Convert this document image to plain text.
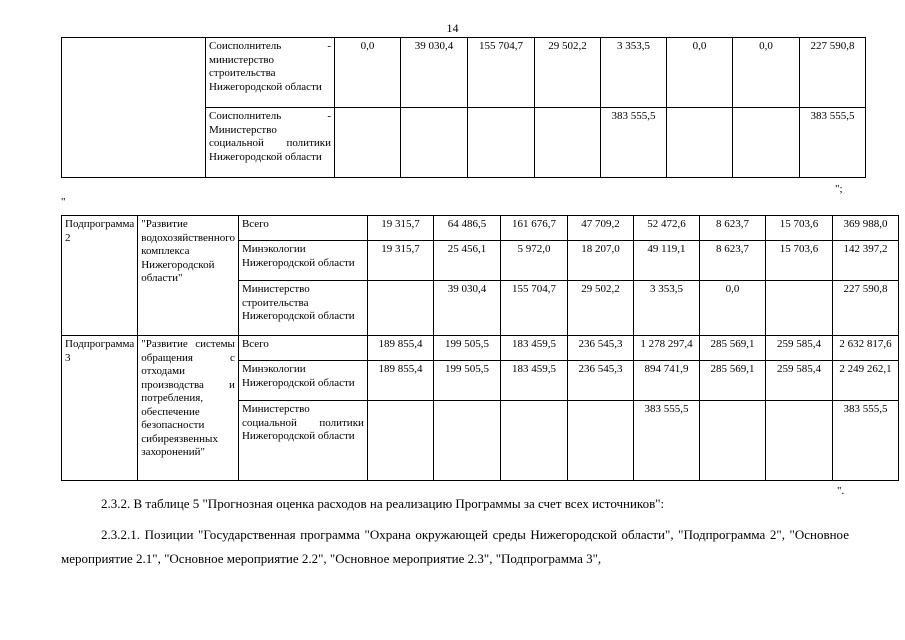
14
	Соисполнитель - министерство строительства Нижегородской области	0,0	39 030,4	155 704,7	29 502,2	3 353,5	0,0	0,0	227 590,8
	Соисполнитель - Министерство социальной политики Нижегородской области					383 555,5			383 555,5
";
"
Подпрограмма 2	"Развитие водохозяйственного комплекса Нижегородской области"	Всего	19 315,7	64 486,5	161 676,7	47 709,2	52 472,6	8 623,7	15 703,6	369 988,0
		Минэкологии Нижегородской области	19 315,7	25 456,1	5 972,0	18 207,0	49 119,1	8 623,7	15 703,6	142 397,2
		Министерство строительства Нижегородской области		39 030,4	155 704,7	29 502,2	3 353,5	0,0		227 590,8
Подпрограмма 3	"Развитие системы обращения с отходами производства и потребления, обеспечение безопасности сибиреязвенных захоронений"	Всего	189 855,4	199 505,5	183 459,5	236 545,3	1 278 297,4	285 569,1	259 585,4	2 632 817,6
		Минэкологии Нижегородской области	189 855,4	199 505,5	183 459,5	236 545,3	894 741,9	285 569,1	259 585,4	2 249 262,1
		Министерство социальной политики Нижегородской области					383 555,5			383 555,5
".
2.3.2. В таблице 5 "Прогнозная оценка расходов на реализацию Программы за счет всех источников":
2.3.2.1. Позиции "Государственная программа "Охрана окружающей среды Нижегородской области", "Подпрограмма 2", "Основное мероприятие 2.1", "Основное мероприятие 2.2", "Основное мероприятие 2.3", "Подпрограмма 3",
